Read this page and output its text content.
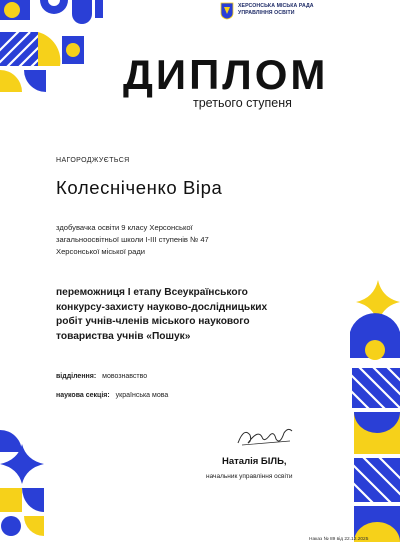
ХЕРСОНСЬКА МІСЬКА РАДА
УПРАВЛІННЯ ОСВІТИ
ДИПЛОМ
третього ступеня
НАГОРОДЖУЄТЬСЯ
Колесніченко Віра
здобувачка освіти 9 класу Херсонської
загальноосвітньої школи І-ІІІ ступенів № 47
Херсонської міської ради
переможниця І етапу Всеукраїнського
конкурсу-захисту науково-дослідницьких
робіт учнів-членів міського наукового
товариства учнів «Пошук»
відділення: мовознавство
наукова секція: українська мова
Наталія БІЛЬ,
начальник управління освіти
Наказ № 89 від 22.12.2025
